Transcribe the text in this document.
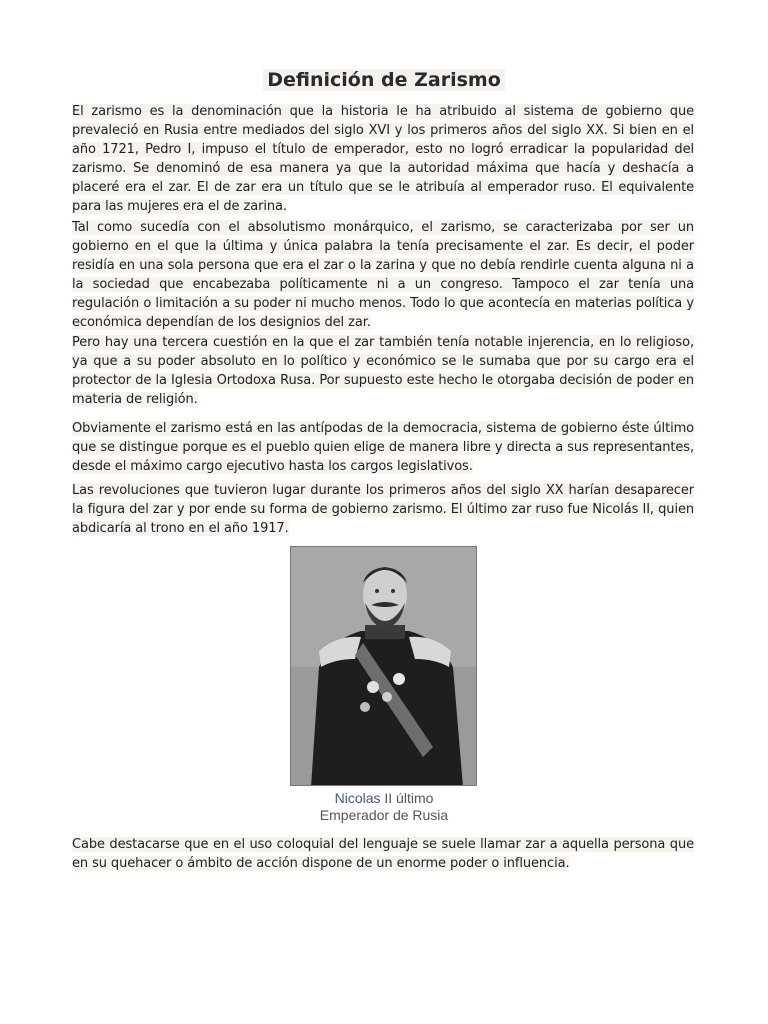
Definición de Zarismo
El zarismo es la denominación que la historia le ha atribuido al sistema de gobierno que prevaleció en Rusia entre mediados del siglo XVI y los primeros años del siglo XX. Si bien en el año 1721, Pedro I, impuso el título de emperador, esto no logró erradicar la popularidad del zarismo. Se denominó de esa manera ya que la autoridad máxima que hacía y deshacía a placeré era el zar. El de zar era un título que se le atribuía al emperador ruso. El equivalente para las mujeres era el de zarina.
Tal como sucedía con el absolutismo monárquico, el zarismo, se caracterizaba por ser un gobierno en el que la última y única palabra la tenía precisamente el zar. Es decir, el poder residía en una sola persona que era el zar o la zarina y que no debía rendirle cuenta alguna ni a la sociedad que encabezaba políticamente ni a un congreso. Tampoco el zar tenía una regulación o limitación a su poder ni mucho menos. Todo lo que acontecía en materias política y económica dependían de los designios del zar.
Pero hay una tercera cuestión en la que el zar también tenía notable injerencia, en lo religioso, ya que a su poder absoluto en lo político y económico se le sumaba que por su cargo era el protector de la Iglesia Ortodoxa Rusa. Por supuesto este hecho le otorgaba decisión de poder en materia de religión.
Obviamente el zarismo está en las antípodas de la democracia, sistema de gobierno éste último que se distingue porque es el pueblo quien elige de manera libre y directa a sus representantes, desde el máximo cargo ejecutivo hasta los cargos legislativos.
Las revoluciones que tuvieron lugar durante los primeros años del siglo XX harían desaparecer la figura del zar y por ende su forma de gobierno zarismo. El último zar ruso fue Nicolás II, quien abdicaría al trono en el año 1917.
Nicolas II último
Emperador de Rusia
Cabe destacarse que en el uso coloquial del lenguaje se suele llamar zar a aquella persona que en su quehacer o ámbito de acción dispone de un enorme poder o influencia.
